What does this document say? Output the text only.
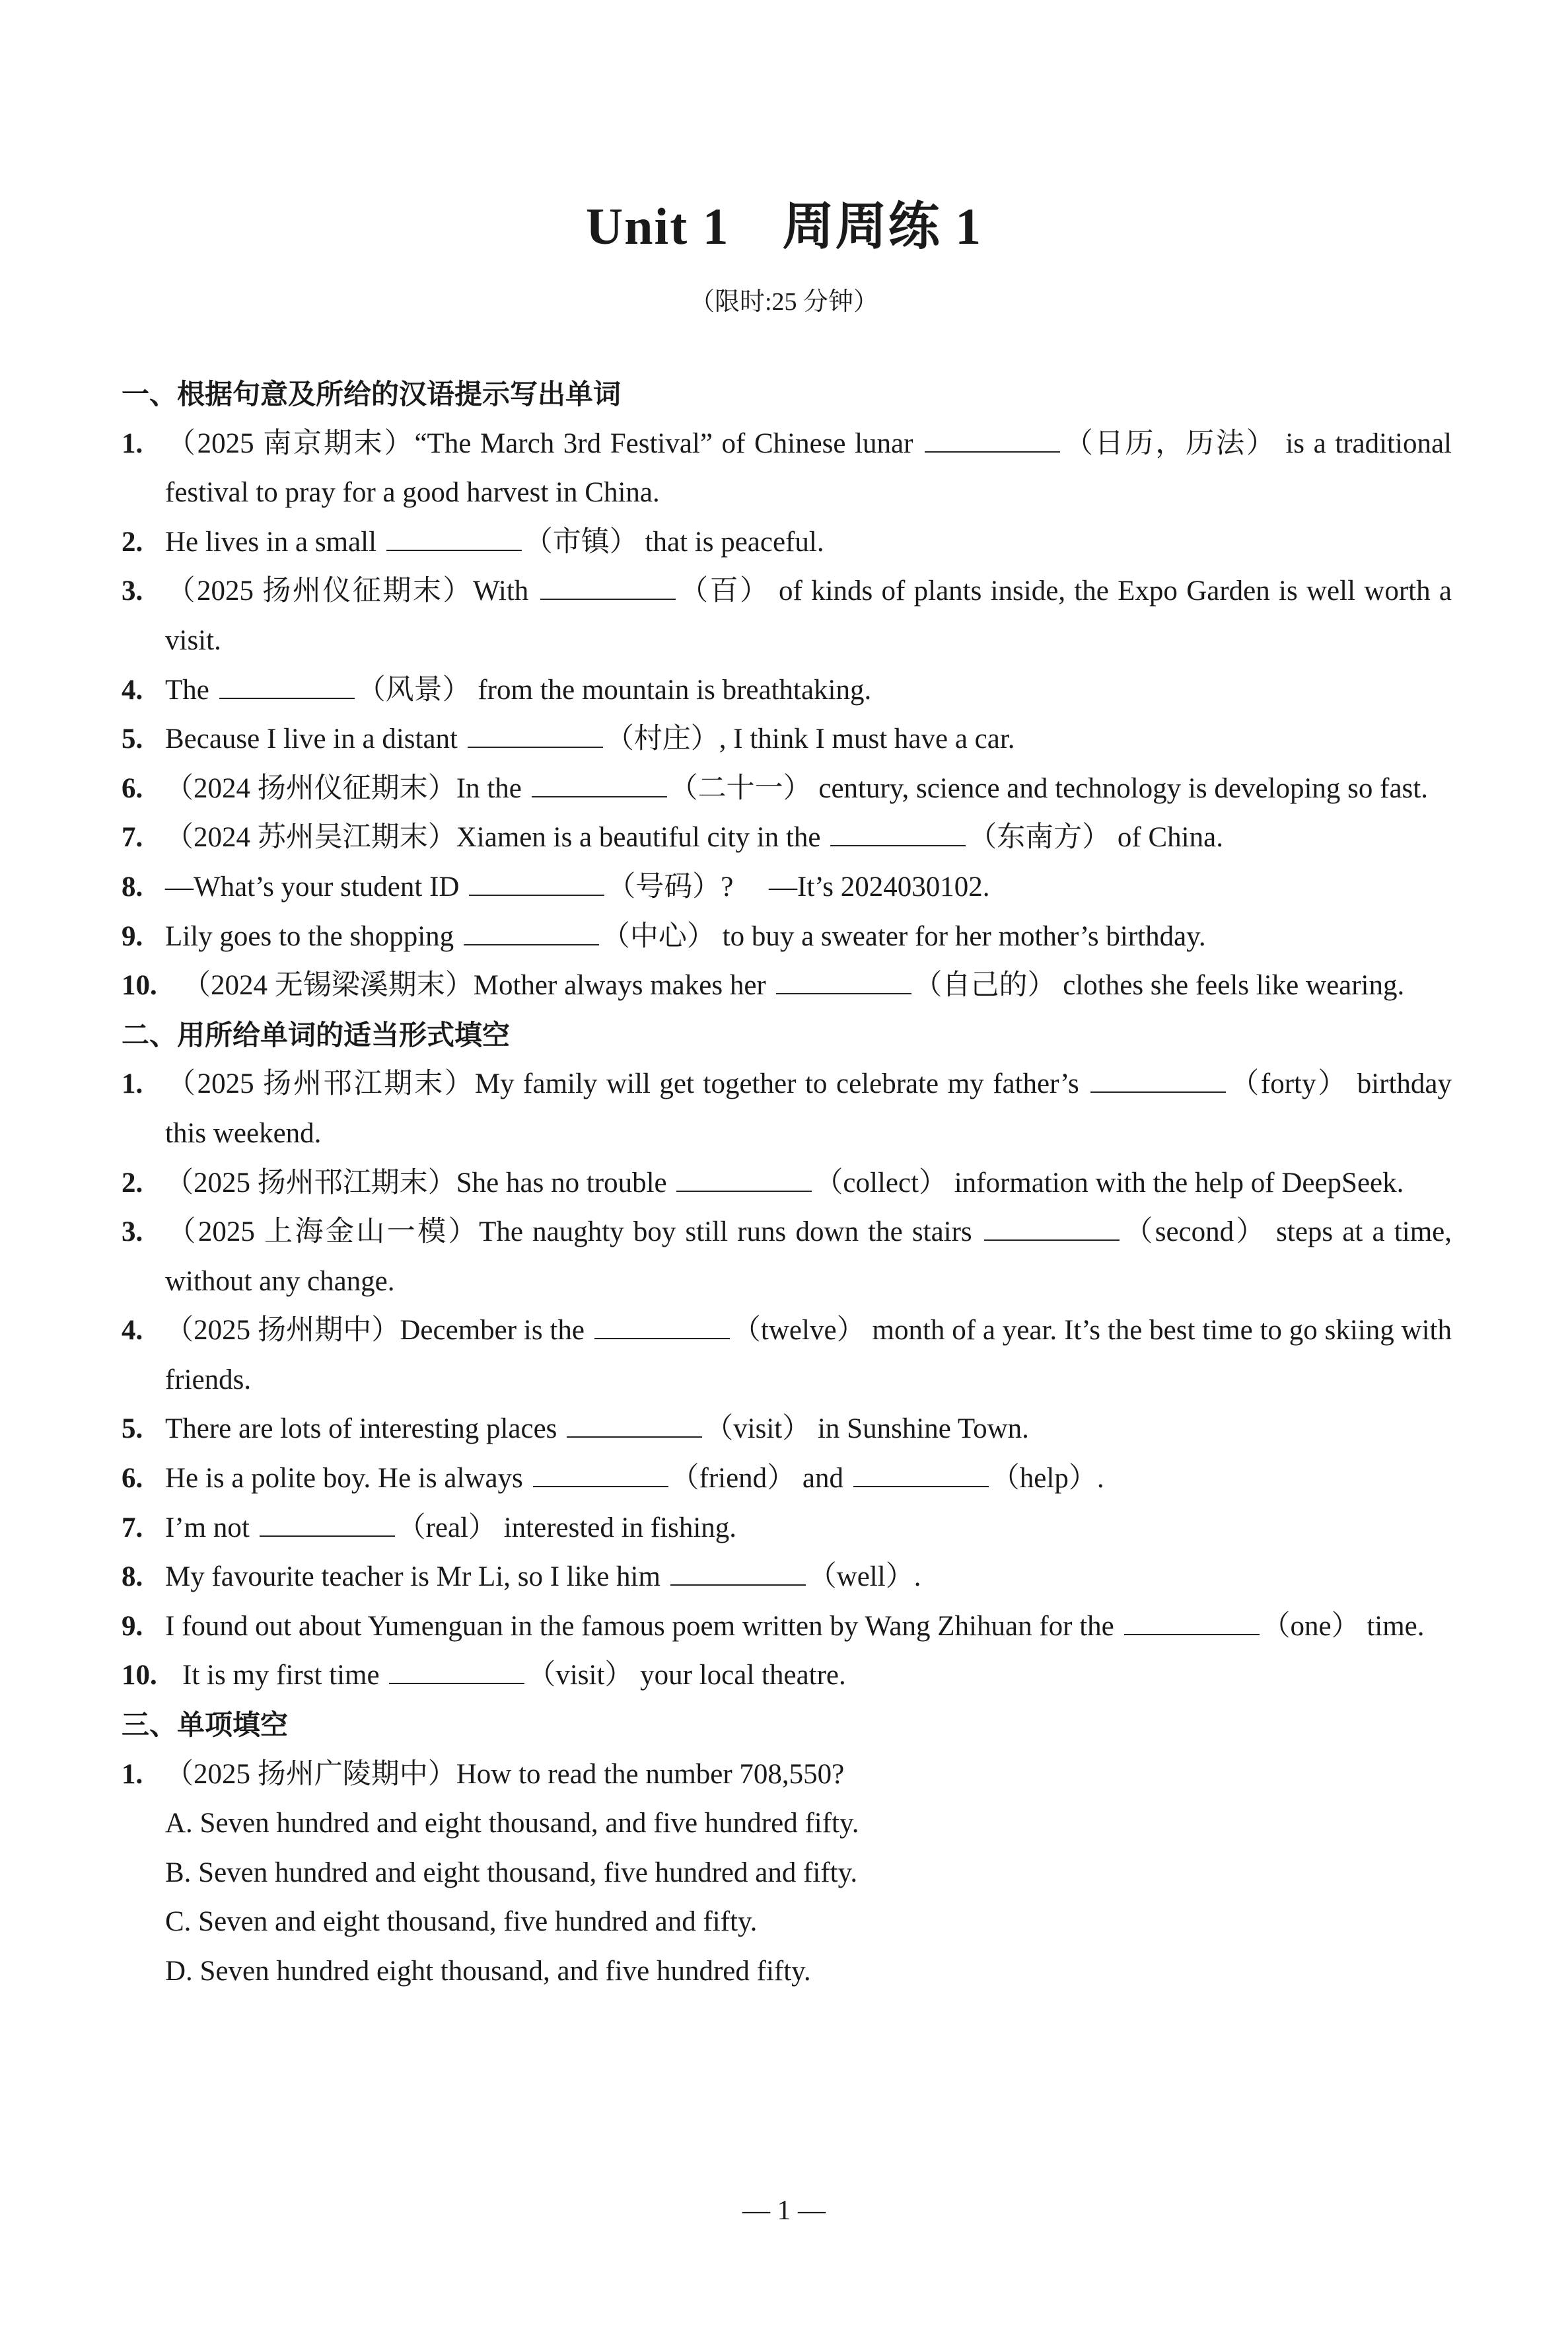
Unit 1　周周练 1
（限时:25 分钟）
一、根据句意及所给的汉语提示写出单词
1. （2025 南京期末）“The March 3rd Festival” of Chinese lunar	（日历，历法） is a traditional festival to pray for a good harvest in China.
2. He lives in a small	（市镇） that is peaceful.
3. （2025 扬州仪征期末）With	（百） of kinds of plants inside, the Expo Garden is well worth a visit.
4. The	（风景） from the mountain is breathtaking.
5. Because I live in a distant	（村庄）, I think I must have a car.
6. （2024 扬州仪征期末）In the	（二十一） century, science and technology is developing so fast.
7. （2024 苏州吴江期末）Xiamen is a beautiful city in the	（东南方） of China.
8. —What’s your student ID	（号码）?　 —It’s 2024030102.
9. Lily goes to the shopping	（中心） to buy a sweater for her mother’s birthday.
10. （2024 无锡梁溪期末）Mother always makes her	（自己的） clothes she feels like wearing.
二、用所给单词的适当形式填空
1. （2025 扬州邗江期末）My family will get together to celebrate my father’s	（forty） birthday this weekend.
2. （2025 扬州邗江期末）She has no trouble	（collect） information with the help of DeepSeek.
3. （2025 上海金山一模）The naughty boy still runs down the stairs	（second） steps at a time, without any change.
4. （2025 扬州期中）December is the	（twelve） month of a year. It’s the best time to go skiing with friends.
5. There are lots of interesting places	（visit） in Sunshine Town.
6. He is a polite boy. He is always	（friend） and	（help）.
7. I’m not	（real） interested in fishing.
8. My favourite teacher is Mr Li, so I like him	（well）.
9. I found out about Yumenguan in the famous poem written by Wang Zhihuan for the	（one） time.
10. It is my first time	（visit） your local theatre.
三、单项填空
1. （2025 扬州广陵期中）How to read the number 708,550?
A. Seven hundred and eight thousand, and five hundred fifty.
B. Seven hundred and eight thousand, five hundred and fifty.
C. Seven and eight thousand, five hundred and fifty.
D. Seven hundred eight thousand, and five hundred fifty.
— 1 —
